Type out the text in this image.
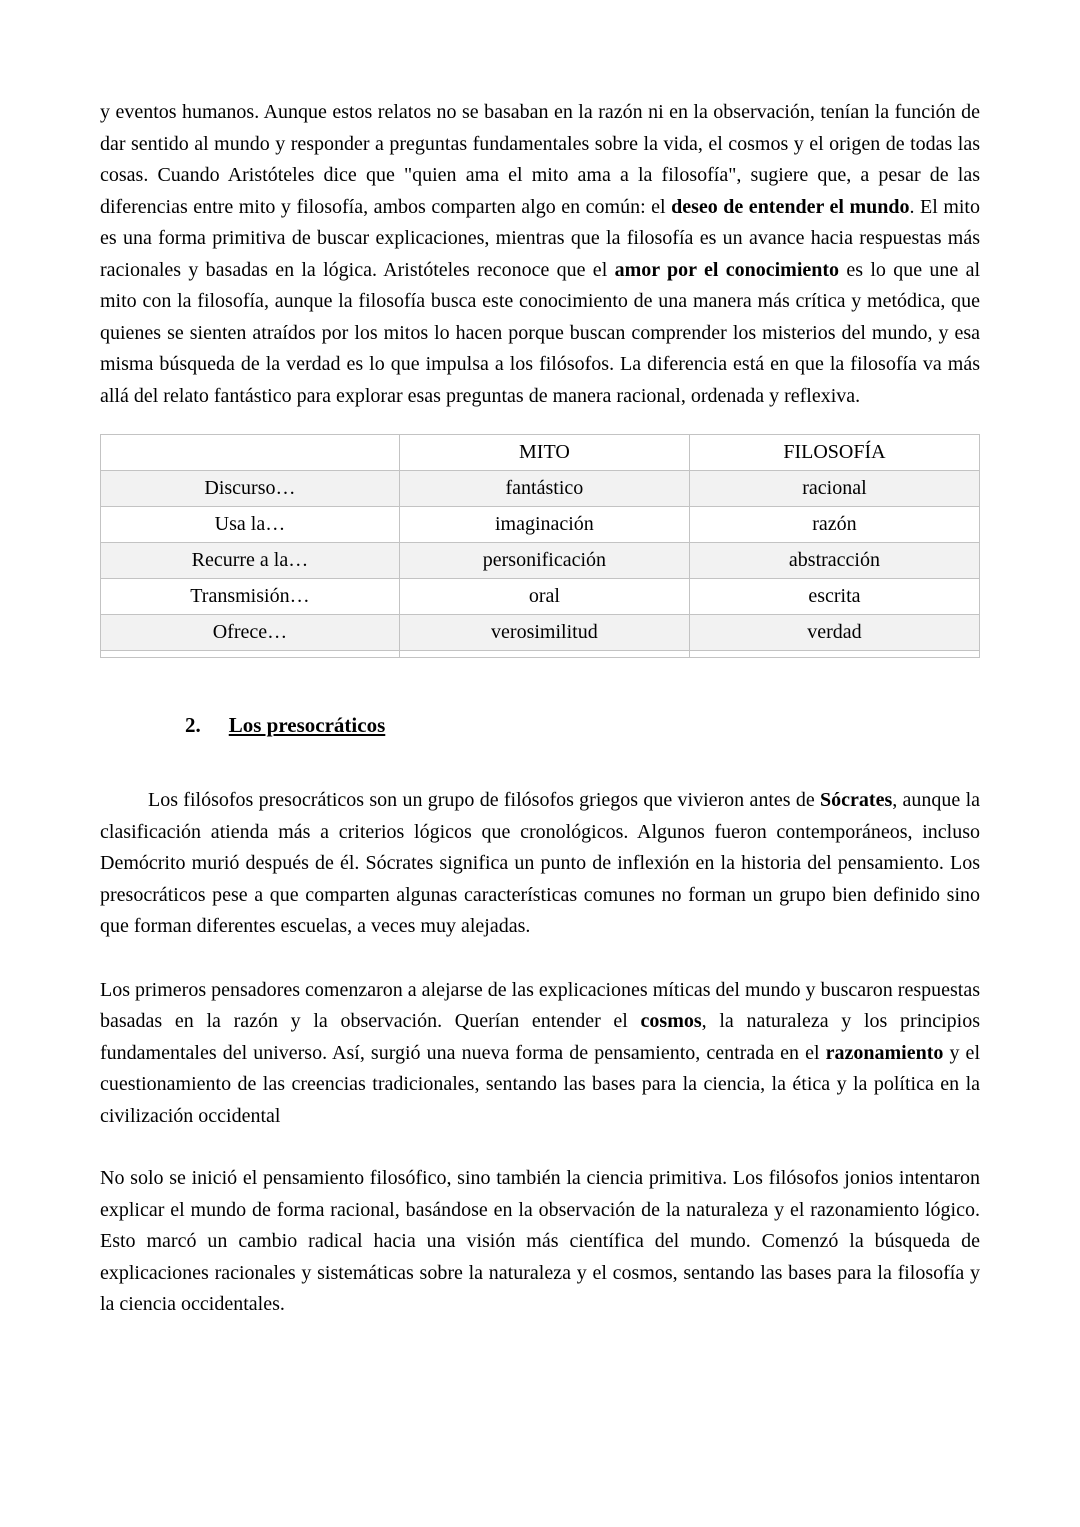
y eventos humanos. Aunque estos relatos no se basaban en la razón ni en la observación, tenían la función de dar sentido al mundo y responder a preguntas fundamentales sobre la vida, el cosmos y el origen de todas las cosas. Cuando Aristóteles dice que "quien ama el mito ama a la filosofía", sugiere que, a pesar de las diferencias entre mito y filosofía, ambos comparten algo en común: el deseo de entender el mundo. El mito es una forma primitiva de buscar explicaciones, mientras que la filosofía es un avance hacia respuestas más racionales y basadas en la lógica. Aristóteles reconoce que el amor por el conocimiento es lo que une al mito con la filosofía, aunque la filosofía busca este conocimiento de una manera más crítica y metódica, que quienes se sienten atraídos por los mitos lo hacen porque buscan comprender los misterios del mundo, y esa misma búsqueda de la verdad es lo que impulsa a los filósofos. La diferencia está en que la filosofía va más allá del relato fantástico para explorar esas preguntas de manera racional, ordenada y reflexiva.

	MITO	FILOSOFÍA
Discurso…	fantástico	racional
Usa la…	imaginación	razón
Recurre a la…	personificación	abstracción
Transmisión…	oral	escrita
Ofrece…	verosimilitud	verdad

2. Los presocráticos

Los filósofos presocráticos son un grupo de filósofos griegos que vivieron antes de Sócrates, aunque la clasificación atienda más a criterios lógicos que cronológicos. Algunos fueron contemporáneos, incluso Demócrito murió después de él. Sócrates significa un punto de inflexión en la historia del pensamiento. Los presocráticos pese a que comparten algunas características comunes no forman un grupo bien definido sino que forman diferentes escuelas, a veces muy alejadas.

Los primeros pensadores comenzaron a alejarse de las explicaciones míticas del mundo y buscaron respuestas basadas en la razón y la observación. Querían entender el cosmos, la naturaleza y los principios fundamentales del universo. Así, surgió una nueva forma de pensamiento, centrada en el razonamiento y el cuestionamiento de las creencias tradicionales, sentando las bases para la ciencia, la ética y la política en la civilización occidental

No solo se inició el pensamiento filosófico, sino también la ciencia primitiva. Los filósofos jonios intentaron explicar el mundo de forma racional, basándose en la observación de la naturaleza y el razonamiento lógico. Esto marcó un cambio radical hacia una visión más científica del mundo. Comenzó la búsqueda de explicaciones racionales y sistemáticas sobre la naturaleza y el cosmos, sentando las bases para la filosofía y la ciencia occidentales.
